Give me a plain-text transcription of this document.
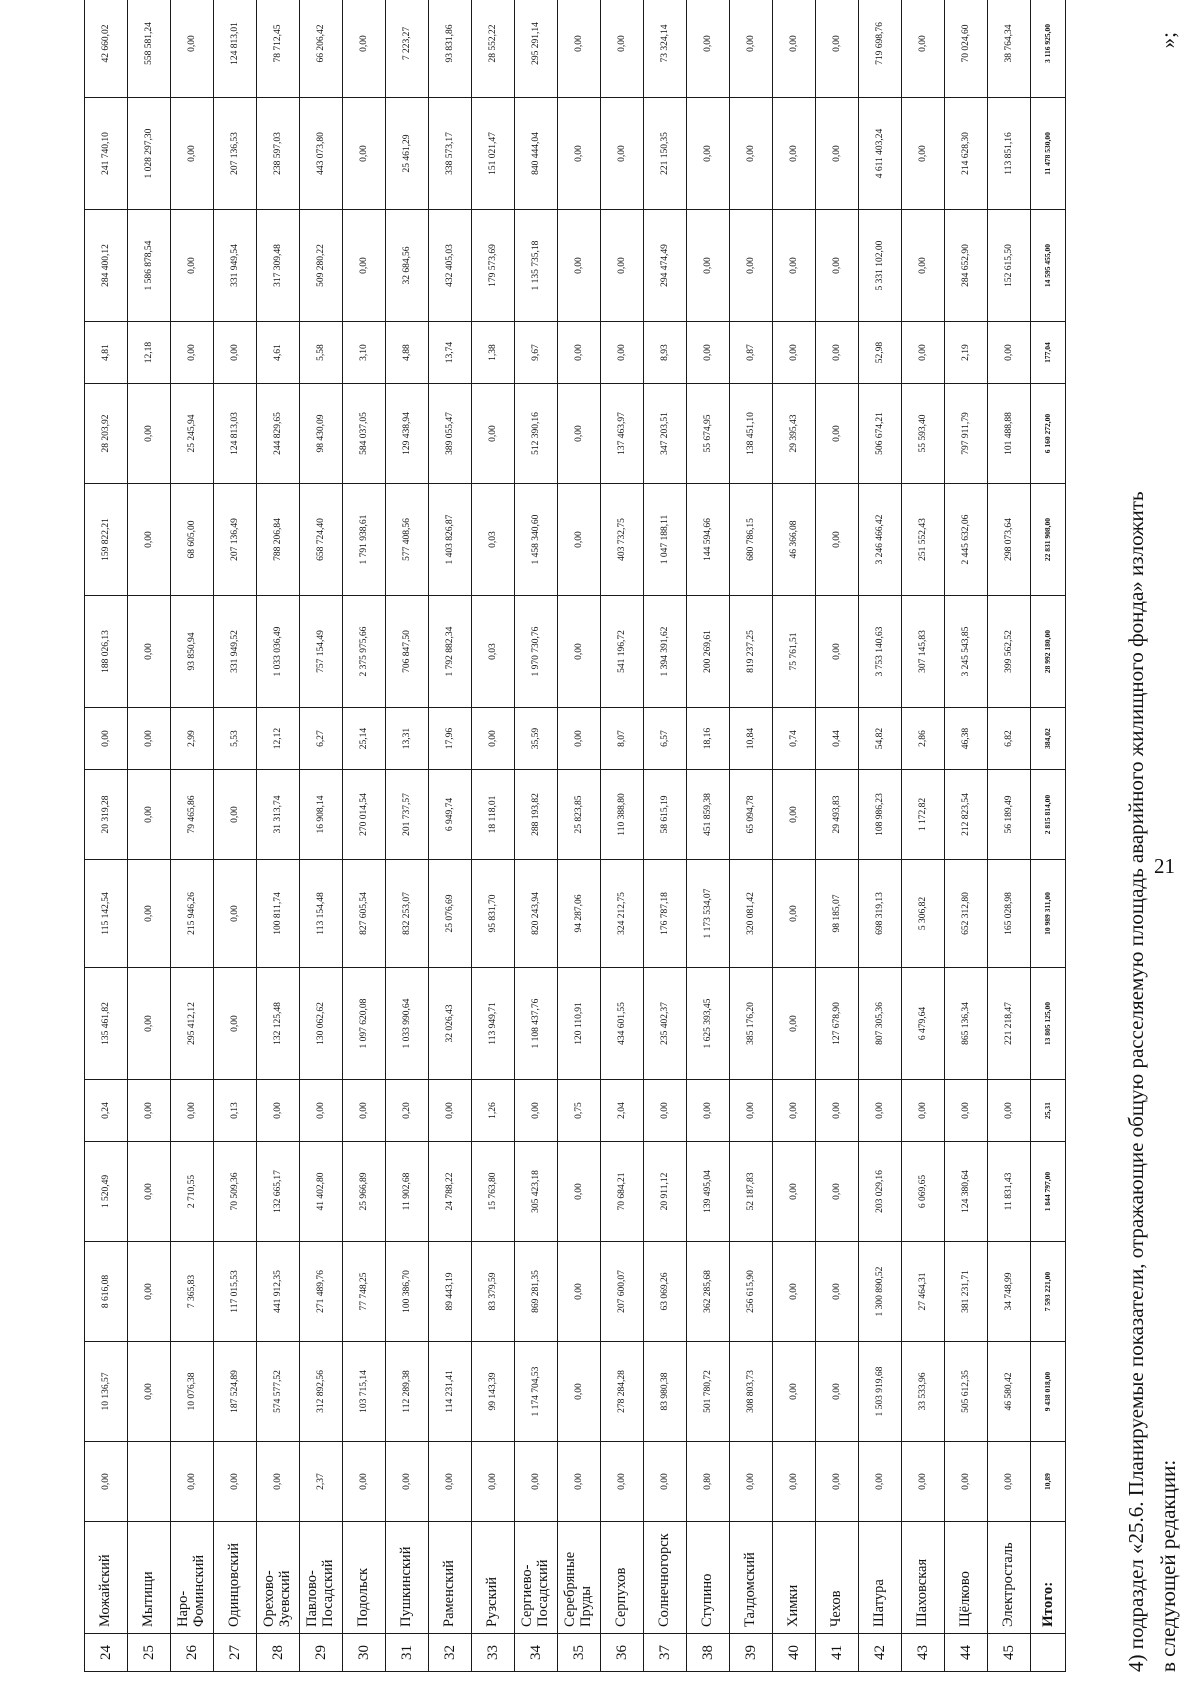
21
24	Можайский	0,00	10 136,57	8 616,08	1 520,49	0,24	135 461,82	115 142,54	20 319,28	0,00	188 026,13	159 822,21	28 203,92	4,81	284 400,12	241 740,10	42 660,02
25	Мытищи		0,00	0,00	0,00	0,00	0,00	0,00	0,00	0,00	0,00	0,00	0,00	12,18	1 586 878,54	1 028 297,30	558 581,24
26	Наро-Фоминский	0,00	10 076,38	7 365,83	2 710,55	0,00	295 412,12	215 946,26	79 465,86	2,99	93 850,94	68 605,00	25 245,94	0,00	0,00	0,00	0,00
27	Одинцовский	0,00	187 524,89	117 015,53	70 509,36	0,13	0,00	0,00	0,00	5,53	331 949,52	207 136,49	124 813,03	0,00	331 949,54	207 136,53	124 813,01
28	Орехово-Зуевский	0,00	574 577,52	441 912,35	132 665,17	0,00	132 125,48	100 811,74	31 313,74	12,12	1 033 036,49	788 206,84	244 829,65	4,61	317 309,48	238 597,03	78 712,45
29	Павлово-Посадский	2,37	312 892,56	271 489,76	41 402,80	0,00	130 062,62	113 154,48	16 908,14	6,27	757 154,49	658 724,40	98 430,09	5,58	509 280,22	443 073,80	66 206,42
30	Подольск	0,00	103 715,14	77 748,25	25 966,89	0,00	1 097 620,08	827 605,54	270 014,54	25,14	2 375 975,66	1 791 938,61	584 037,05	3,10	0,00	0,00	0,00
31	Пушкинский	0,00	112 289,38	100 386,70	11 902,68	0,20	1 033 990,64	832 253,07	201 737,57	13,31	706 847,50	577 408,56	129 438,94	4,88	32 684,56	25 461,29	7 223,27
32	Раменский	0,00	114 231,41	89 443,19	24 788,22	0,00	32 026,43	25 076,69	6 949,74	17,96	1 792 882,34	1 403 826,87	389 055,47	13,74	432 405,03	338 573,17	93 831,86
33	Рузский	0,00	99 143,39	83 379,59	15 763,80	1,26	113 949,71	95 831,70	18 118,01	0,00	0,03	0,03	0,00	1,38	179 573,69	151 021,47	28 552,22
34	Сергиево-Посадский	0,00	1 174 704,53	869 281,35	305 423,18	0,00	1 108 437,76	820 243,94	288 193,82	35,59	1 970 730,76	1 458 340,60	512 390,16	9,67	1 135 735,18	840 444,04	295 291,14
35	Серебряные Пруды	0,00	0,00	0,00	0,00	0,75	120 110,91	94 287,06	25 823,85	0,00	0,00	0,00	0,00	0,00	0,00	0,00	0,00
36	Серпухов	0,00	278 284,28	207 600,07	70 684,21	2,04	434 601,55	324 212,75	110 388,80	8,07	541 196,72	403 732,75	137 463,97	0,00	0,00	0,00	0,00
37	Солнечногорск	0,00	83 980,38	63 069,26	20 911,12	0,00	235 402,37	176 787,18	58 615,19	6,57	1 394 391,62	1 047 188,11	347 203,51	8,93	294 474,49	221 150,35	73 324,14
38	Ступино	0,80	501 780,72	362 285,68	139 495,04	0,00	1 625 393,45	1 173 534,07	451 859,38	18,16	200 269,61	144 594,66	55 674,95	0,00	0,00	0,00	0,00
39	Талдомский	0,00	308 803,73	256 615,90	52 187,83	0,00	385 176,20	320 081,42	65 094,78	10,84	819 237,25	680 786,15	138 451,10	0,87	0,00	0,00	0,00
40	Химки	0,00	0,00	0,00	0,00	0,00	0,00	0,00	0,00	0,74	75 761,51	46 366,08	29 395,43	0,00	0,00	0,00	0,00
41	Чехов	0,00	0,00	0,00	0,00	0,00	127 678,90	98 185,07	29 493,83	0,44	0,00	0,00	0,00	0,00	0,00	0,00	0,00
42	Шатура	0,00	1 503 919,68	1 300 890,52	203 029,16	0,00	807 305,36	698 319,13	108 986,23	54,82	3 753 140,63	3 246 466,42	506 674,21	52,98	5 331 102,00	4 611 403,24	719 698,76
43	Шаховская	0,00	33 533,96	27 464,31	6 069,65	0,00	6 479,64	5 306,82	1 172,82	2,86	307 145,83	251 552,43	55 593,40	0,00	0,00	0,00	0,00
44	Щёлково	0,00	505 612,35	381 231,71	124 380,64	0,00	865 136,34	652 312,80	212 823,54	46,38	3 245 543,85	2 445 632,06	797 911,79	2,19	284 652,90	214 628,30	70 024,60
45	Электросталь	0,00	46 580,42	34 748,99	11 831,43	0,00	221 218,47	165 028,98	56 189,49	6,82	399 562,52	298 073,64	101 488,88	0,00	152 615,50	113 851,16	38 764,34
	Итого:	10,89	9 438 018,00	7 593 221,00	1 844 797,00	25,31	13 805 125,00	10 989 311,00	2 815 814,00	384,02	28 992 180,00	22 831 908,00	6 160 272,00	177,04	14 595 455,00	11 478 530,00	3 116 925,00

4) подраздел «25.6. Планируемые показатели, отражающие общую расселяемую площадь аварийного жилищного фонда» изложить в следующей редакции:
»;
